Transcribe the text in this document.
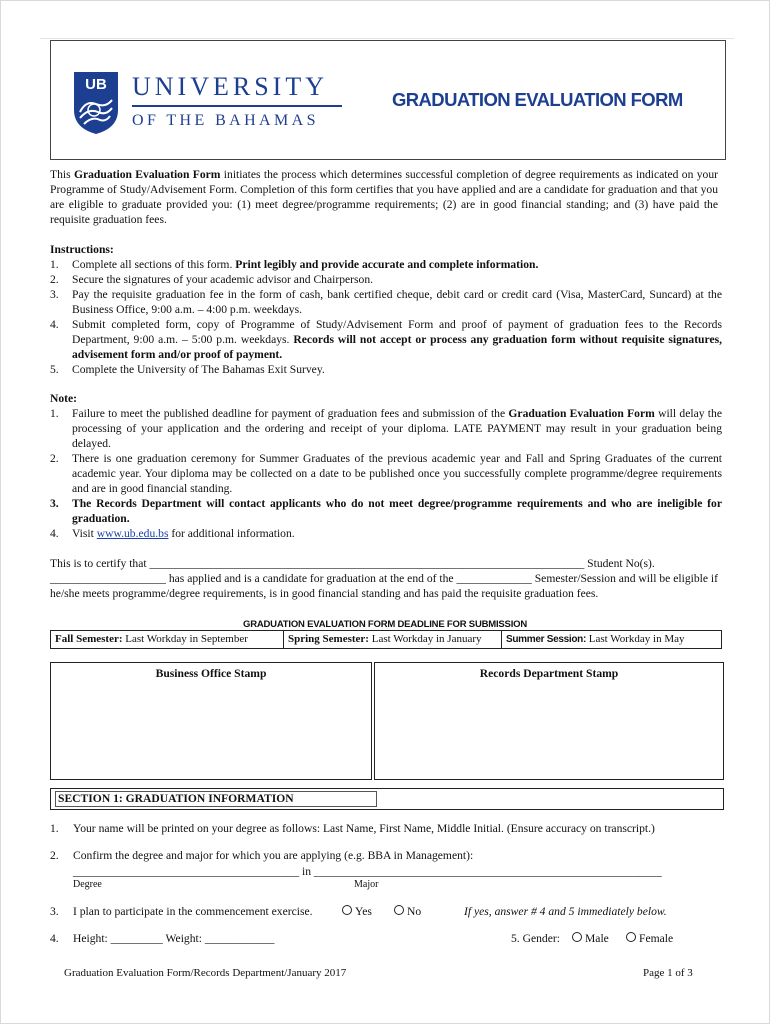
UB UNIVERSITY
OF THE BAHAMAS
GRADUATION EVALUATION FORM
This Graduation Evaluation Form initiates the process which determines successful completion of degree requirements as indicated on your Programme of Study/Advisement Form. Completion of this form certifies that you have applied and are a candidate for graduation and that you are eligible to graduate provided you: (1) meet degree/programme requirements; (2) are in good financial standing; and (3) have paid the requisite graduation fees.
Instructions:
1. Complete all sections of this form. Print legibly and provide accurate and complete information.
2. Secure the signatures of your academic advisor and Chairperson.
3. Pay the requisite graduation fee in the form of cash, bank certified cheque, debit card or credit card (Visa, MasterCard, Suncard) at the Business Office, 9:00 a.m. – 4:00 p.m. weekdays.
4. Submit completed form, copy of Programme of Study/Advisement Form and proof of payment of graduation fees to the Records Department, 9:00 a.m. – 5:00 p.m. weekdays. Records will not accept or process any graduation form without requisite signatures, advisement form and/or proof of payment.
5. Complete the University of The Bahamas Exit Survey.
Note:
1. Failure to meet the published deadline for payment of graduation fees and submission of the Graduation Evaluation Form will delay the processing of your application and the ordering and receipt of your diploma. LATE PAYMENT may result in your graduation being delayed.
2. There is one graduation ceremony for Summer Graduates of the previous academic year and Fall and Spring Graduates of the current academic year. Your diploma may be collected on a date to be published once you successfully complete programme/degree requirements and are in good financial standing.
3. The Records Department will contact applicants who do not meet degree/programme requirements and who are ineligible for graduation.
4. Visit www.ub.edu.bs for additional information.
This is to certify that ___________________________________________________________________________ Student No(s).
____________________ has applied and is a candidate for graduation at the end of the _____________ Semester/Session and will be eligible if he/she meets programme/degree requirements, is in good financial standing and has paid the requisite graduation fees.
GRADUATION EVALUATION FORM DEADLINE FOR SUBMISSION
Fall Semester: Last Workday in September	Spring Semester: Last Workday in January	Summer Session: Last Workday in May
Business Office Stamp	Records Department Stamp
SECTION 1: GRADUATION INFORMATION
1. Your name will be printed on your degree as follows: Last Name, First Name, Middle Initial. (Ensure accuracy on transcript.)
2. Confirm the degree and major for which you are applying (e.g. BBA in Management):
_______________________________________ in ____________________________________________________________
Degree	Major
3. I plan to participate in the commencement exercise.	Yes	No	If yes, answer # 4 and 5 immediately below.
4. Height: _________ Weight: ____________	5. Gender:	Male	Female
Graduation Evaluation Form/Records Department/January 2017	Page 1 of 3
